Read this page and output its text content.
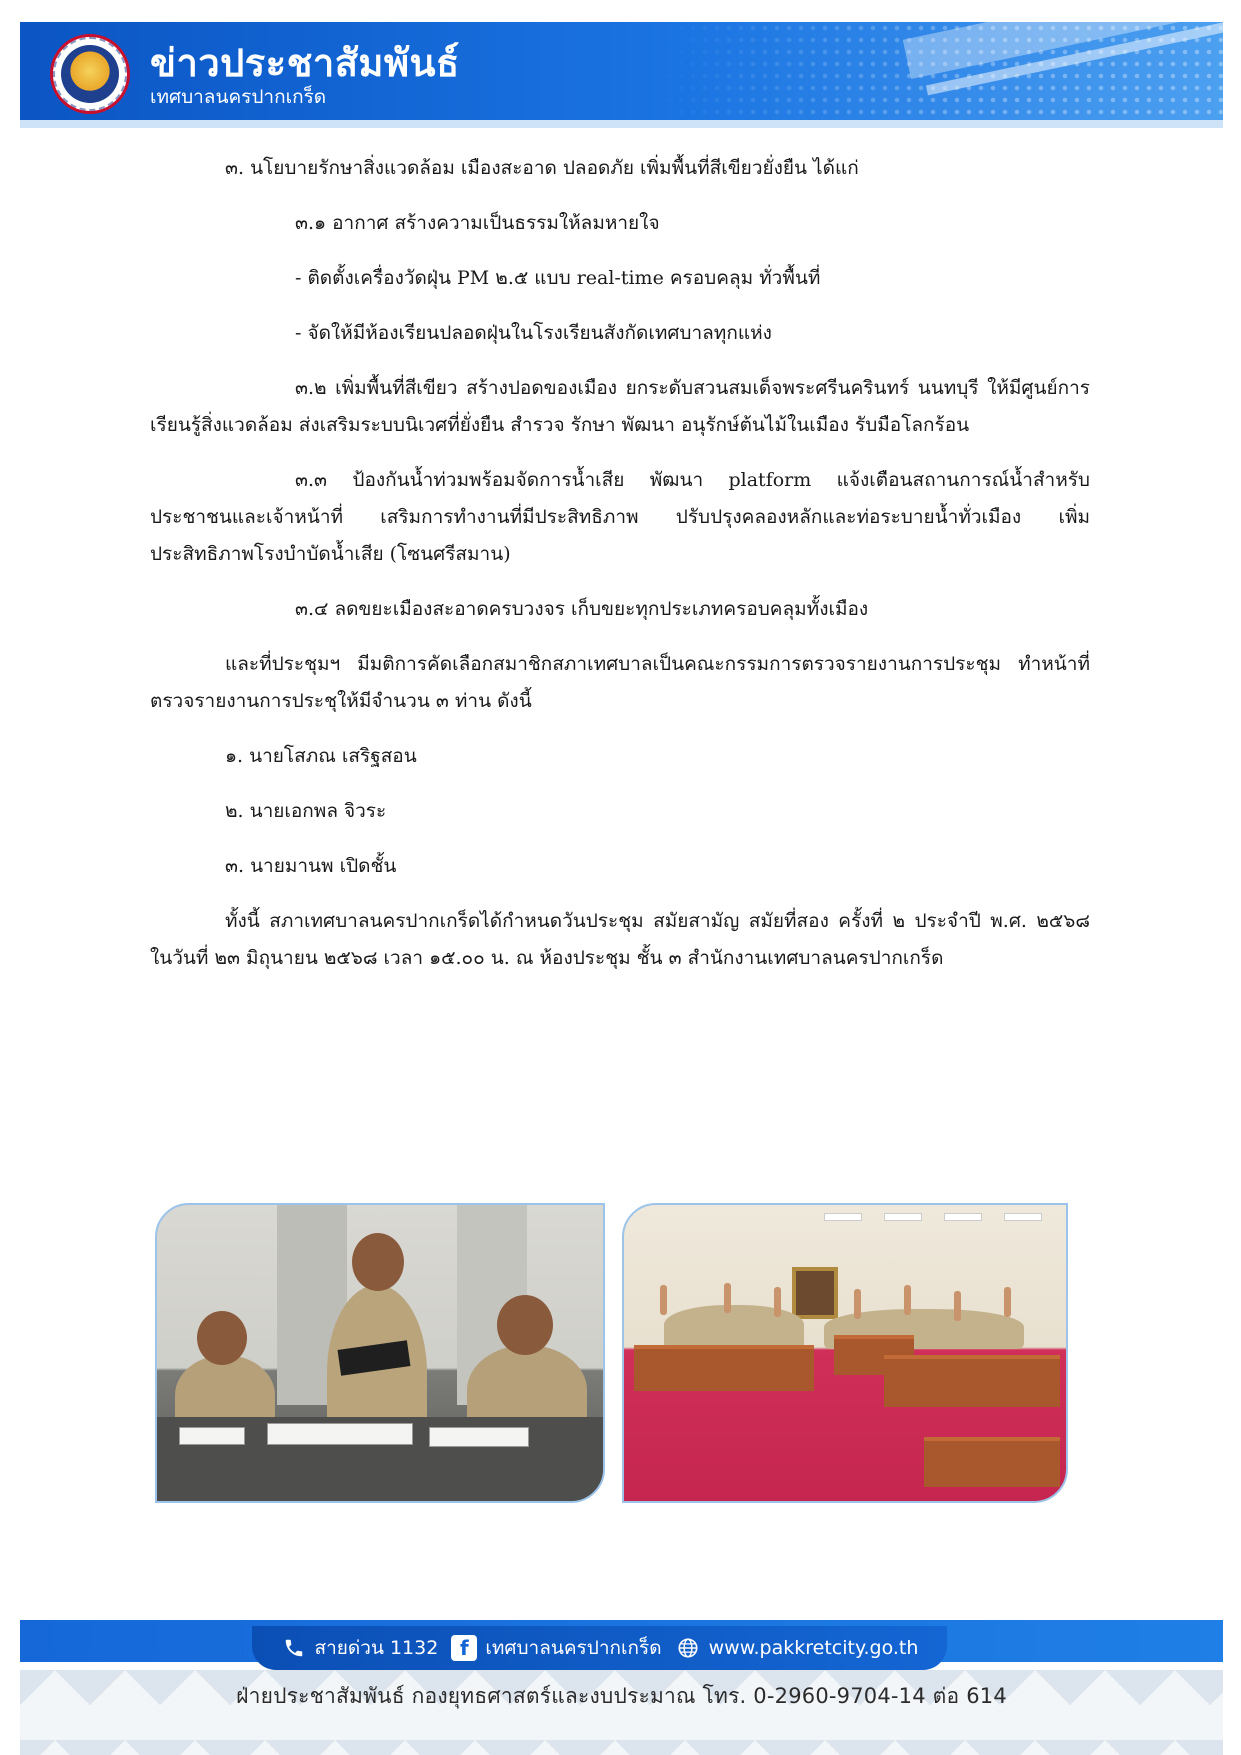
ข่าวประชาสัมพันธ์
เทศบาลนครปากเกร็ด

๓. นโยบายรักษาสิ่งแวดล้อม เมืองสะอาด ปลอดภัย เพิ่มพื้นที่สีเขียวยั่งยืน ได้แก่

๓.๑ อากาศ สร้างความเป็นธรรมให้ลมหายใจ

- ติดตั้งเครื่องวัดฝุ่น PM ๒.๕ แบบ real-time ครอบคลุม ทั่วพื้นที่

- จัดให้มีห้องเรียนปลอดฝุ่นในโรงเรียนสังกัดเทศบาลทุกแห่ง

๓.๒ เพิ่มพื้นที่สีเขียว สร้างปอดของเมือง ยกระดับสวนสมเด็จพระศรีนครินทร์ นนทบุรี ให้มีศูนย์การเรียนรู้สิ่งแวดล้อม ส่งเสริมระบบนิเวศที่ยั่งยืน สำรวจ รักษา พัฒนา อนุรักษ์ต้นไม้ในเมือง รับมือโลกร้อน

๓.๓ ป้องกันน้ำท่วมพร้อมจัดการน้ำเสีย พัฒนา platform แจ้งเตือนสถานการณ์น้ำสำหรับประชาชนและเจ้าหน้าที่ เสริมการทำงานที่มีประสิทธิภาพ ปรับปรุงคลองหลักและท่อระบายน้ำทั่วเมือง เพิ่มประสิทธิภาพโรงบำบัดน้ำเสีย (โซนศรีสมาน)

๓.๔ ลดขยะเมืองสะอาดครบวงจร เก็บขยะทุกประเภทครอบคลุมทั้งเมือง

และที่ประชุมฯ มีมติการคัดเลือกสมาชิกสภาเทศบาลเป็นคณะกรรมการตรวจรายงานการประชุม ทำหน้าที่ตรวจรายงานการประชุให้มีจำนวน ๓ ท่าน ดังนี้

๑. นายโสภณ เสริฐสอน

๒. นายเอกพล จิวระ

๓. นายมานพ เปิดชั้น

ทั้งนี้ สภาเทศบาลนครปากเกร็ดได้กำหนดวันประชุม สมัยสามัญ สมัยที่สอง ครั้งที่ ๒ ประจำปี พ.ศ. ๒๕๖๘ ในวันที่ ๒๓ มิถุนายน ๒๕๖๘ เวลา ๑๕.๐๐ น. ณ ห้องประชุม ชั้น ๓ สำนักงานเทศบาลนครปากเกร็ด

สายด่วน 1132	f เทศบาลนครปากเกร็ด www.pakkretcity.go.th
ฝ่ายประชาสัมพันธ์ กองยุทธศาสตร์และงบประมาณ โทร. 0-2960-9704-14 ต่อ 614
